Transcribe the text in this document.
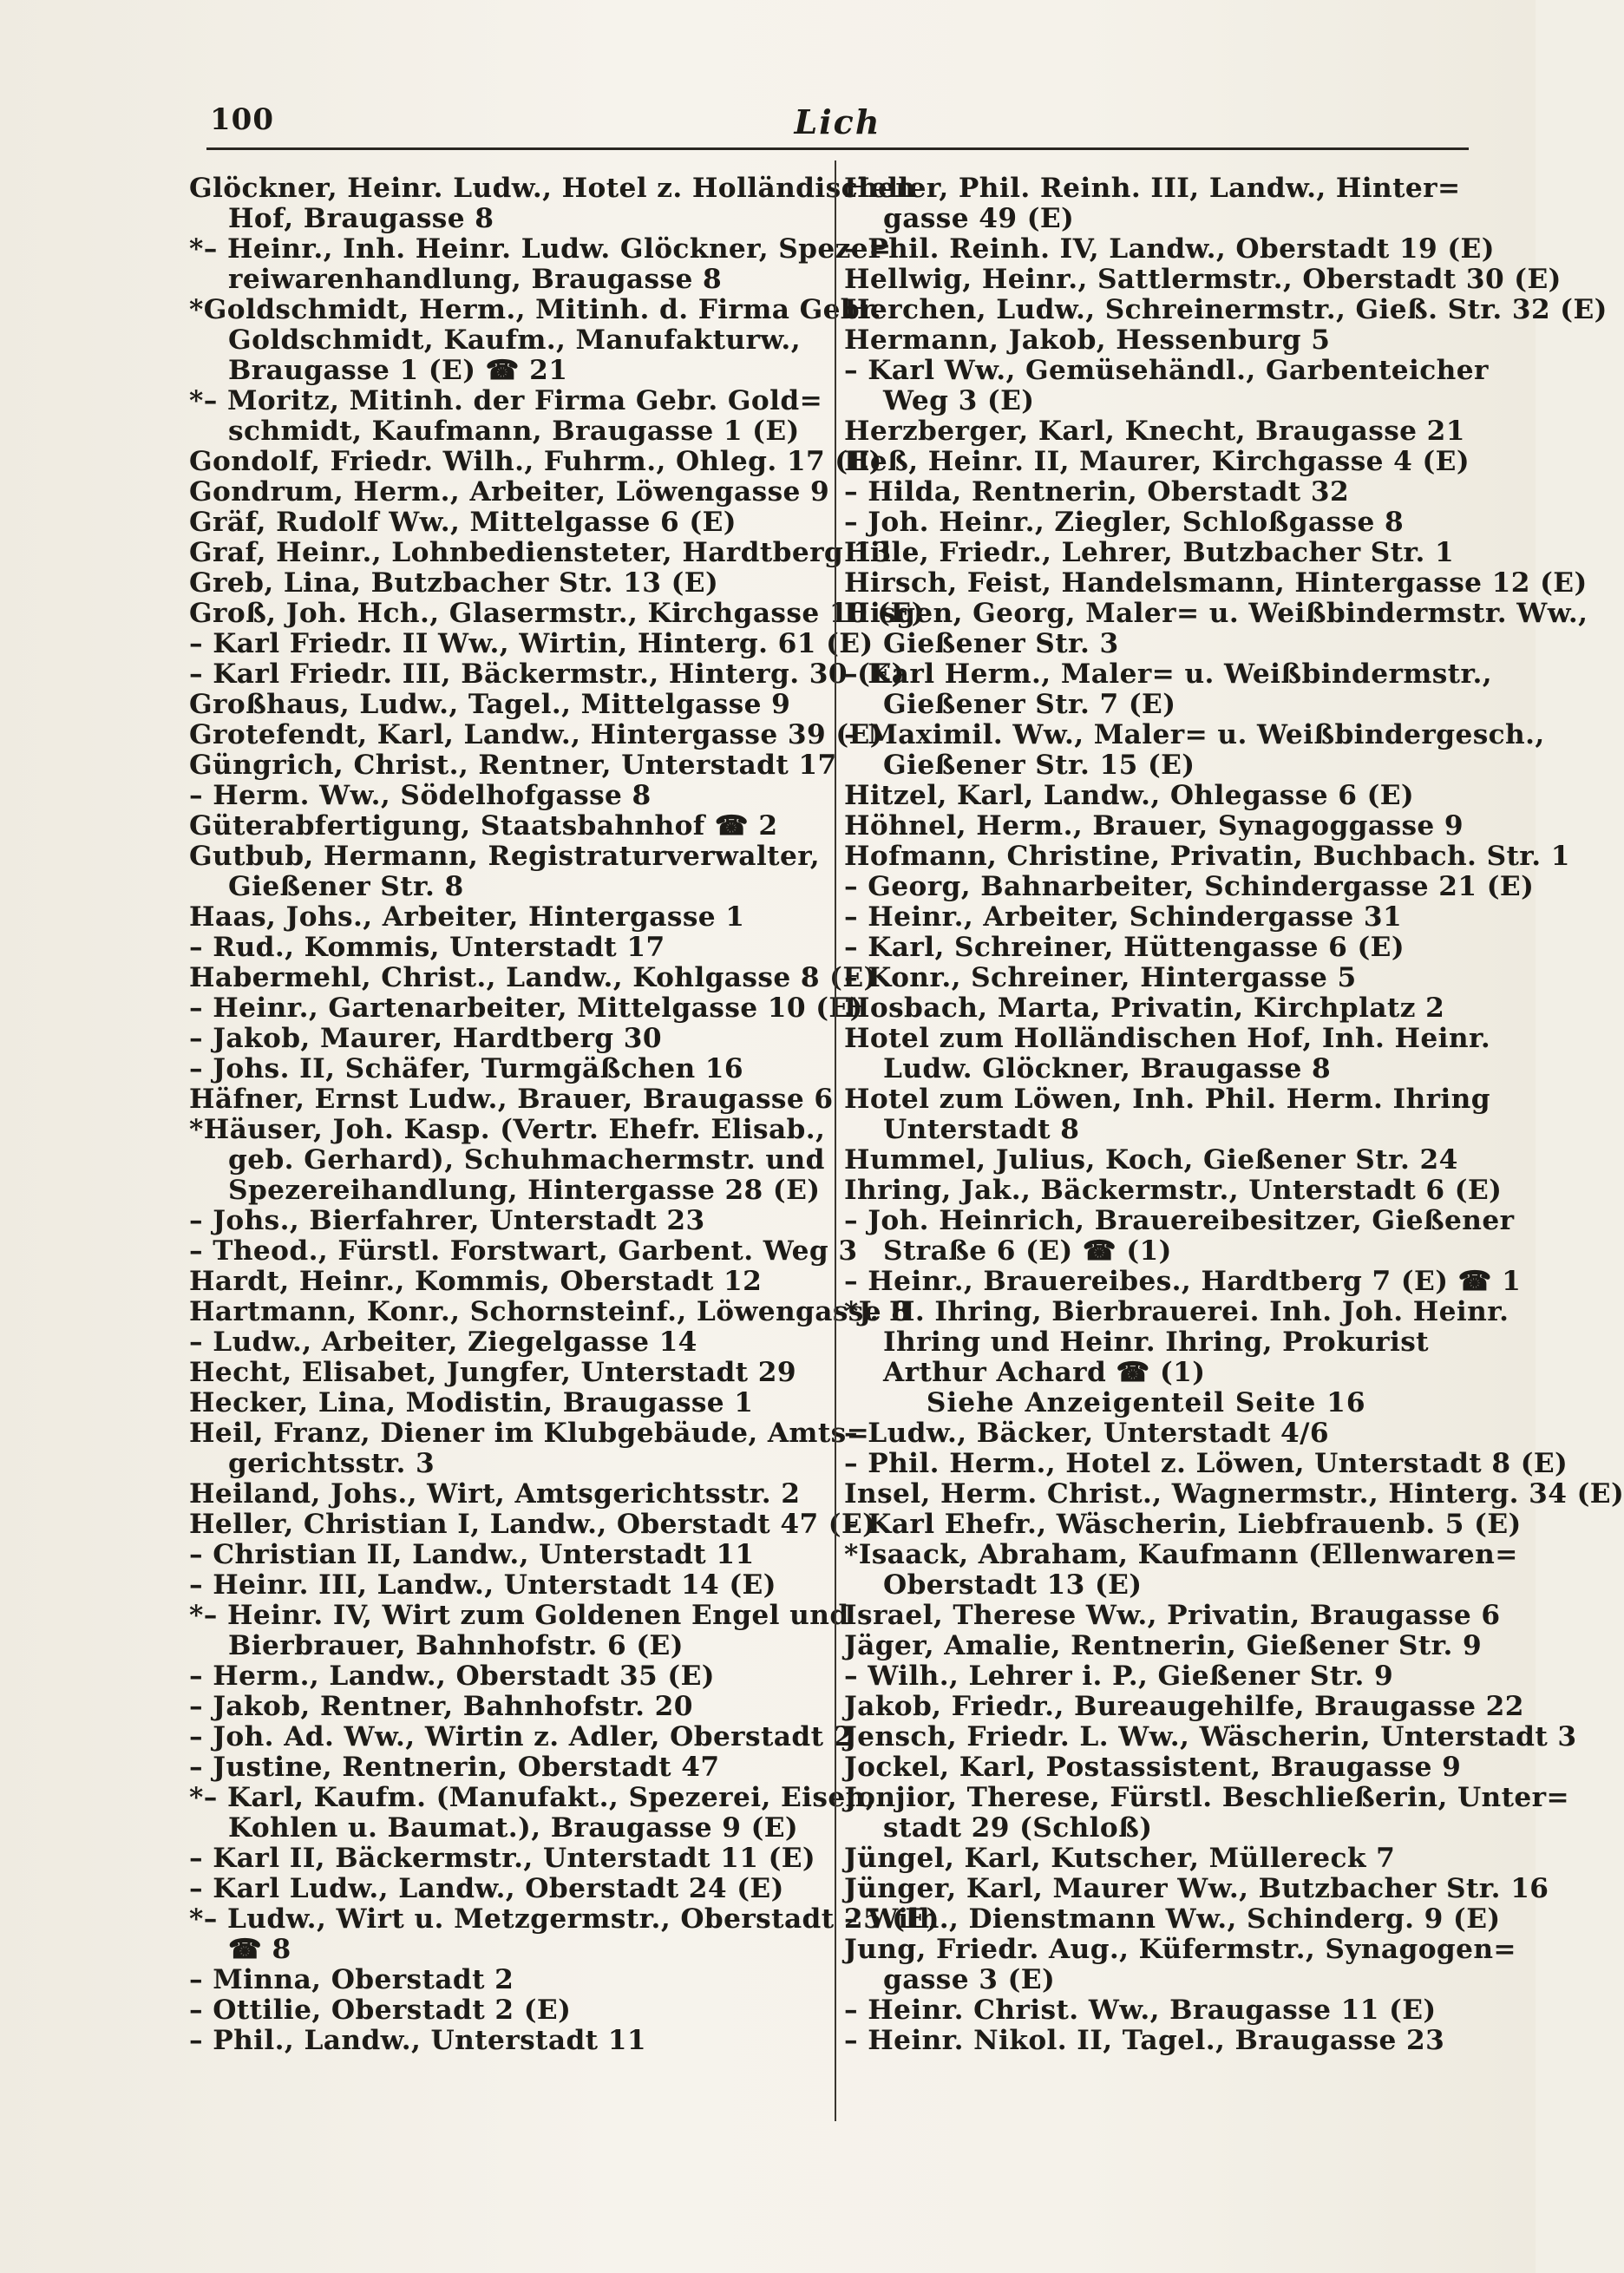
100	Lich
Glöckner, Heinr. Ludw., Hotel z. Holländischen
Hof, Braugasse 8
*– Heinr., Inh. Heinr. Ludw. Glöckner, Speze=
reiwarenhandlung, Braugasse 8
*Goldschmidt, Herm., Mitinh. d. Firma Gebr.
Goldschmidt, Kaufm., Manufakturw.,
Braugasse 1 (E) ☎ 21
*– Moritz, Mitinh. der Firma Gebr. Gold=
schmidt, Kaufmann, Braugasse 1 (E)
Gondolf, Friedr. Wilh., Fuhrm., Ohleg. 17 (E)
Gondrum, Herm., Arbeiter, Löwengasse 9
Gräf, Rudolf Ww., Mittelgasse 6 (E)
Graf, Heinr., Lohnbediensteter, Hardtberg 13
Greb, Lina, Butzbacher Str. 13 (E)
Groß, Joh. Hch., Glasermstr., Kirchgasse 10 (E)
– Karl Friedr. II Ww., Wirtin, Hinterg. 61 (E)
– Karl Friedr. III, Bäckermstr., Hinterg. 30 (E)
Großhaus, Ludw., Tagel., Mittelgasse 9
Grotefendt, Karl, Landw., Hintergasse 39 (E)
Güngrich, Christ., Rentner, Unterstadt 17
– Herm. Ww., Södelhofgasse 8
Güterabfertigung, Staatsbahnhof ☎ 2
Gutbub, Hermann, Registraturverwalter,
Gießener Str. 8
Haas, Johs., Arbeiter, Hintergasse 1
– Rud., Kommis, Unterstadt 17
Habermehl, Christ., Landw., Kohlgasse 8 (E)
– Heinr., Gartenarbeiter, Mittelgasse 10 (E)
– Jakob, Maurer, Hardtberg 30
– Johs. II, Schäfer, Turmgäßchen 16
Häfner, Ernst Ludw., Brauer, Braugasse 6
*Häuser, Joh. Kasp. (Vertr. Ehefr. Elisab.,
geb. Gerhard), Schuhmachermstr. und
Spezereihandlung, Hintergasse 28 (E)
– Johs., Bierfahrer, Unterstadt 23
– Theod., Fürstl. Forstwart, Garbent. Weg 3
Hardt, Heinr., Kommis, Oberstadt 12
Hartmann, Konr., Schornsteinf., Löwengasse 8
– Ludw., Arbeiter, Ziegelgasse 14
Hecht, Elisabet, Jungfer, Unterstadt 29
Hecker, Lina, Modistin, Braugasse 1
Heil, Franz, Diener im Klubgebäude, Amts=
gerichtsstr. 3
Heiland, Johs., Wirt, Amtsgerichtsstr. 2
Heller, Christian I, Landw., Oberstadt 47 (E)
– Christian II, Landw., Unterstadt 11
– Heinr. III, Landw., Unterstadt 14 (E)
*– Heinr. IV, Wirt zum Goldenen Engel und
Bierbrauer, Bahnhofstr. 6 (E)
– Herm., Landw., Oberstadt 35 (E)
– Jakob, Rentner, Bahnhofstr. 20
– Joh. Ad. Ww., Wirtin z. Adler, Oberstadt 2
– Justine, Rentnerin, Oberstadt 47
*– Karl, Kaufm. (Manufakt., Spezerei, Eisen,
Kohlen u. Baumat.), Braugasse 9 (E)
– Karl II, Bäckermstr., Unterstadt 11 (E)
– Karl Ludw., Landw., Oberstadt 24 (E)
*– Ludw., Wirt u. Metzgermstr., Oberstadt 25 (E)
☎ 8
– Minna, Oberstadt 2
– Ottilie, Oberstadt 2 (E)
– Phil., Landw., Unterstadt 11
Heller, Phil. Reinh. III, Landw., Hinter=
gasse 49 (E)
– Phil. Reinh. IV, Landw., Oberstadt 19 (E)
Hellwig, Heinr., Sattlermstr., Oberstadt 30 (E)
Herchen, Ludw., Schreinermstr., Gieß. Str. 32 (E)
Hermann, Jakob, Hessenburg 5
– Karl Ww., Gemüsehändl., Garbenteicher
Weg 3 (E)
Herzberger, Karl, Knecht, Braugasse 21
Heß, Heinr. II, Maurer, Kirchgasse 4 (E)
– Hilda, Rentnerin, Oberstadt 32
– Joh. Heinr., Ziegler, Schloßgasse 8
Hille, Friedr., Lehrer, Butzbacher Str. 1
Hirsch, Feist, Handelsmann, Hintergasse 12 (E)
Hisgen, Georg, Maler= u. Weißbindermstr. Ww.,
Gießener Str. 3
– Karl Herm., Maler= u. Weißbindermstr.,
Gießener Str. 7 (E)
– Maximil. Ww., Maler= u. Weißbindergesch.,
Gießener Str. 15 (E)
Hitzel, Karl, Landw., Ohlegasse 6 (E)
Höhnel, Herm., Brauer, Synagoggasse 9
Hofmann, Christine, Privatin, Buchbach. Str. 1
– Georg, Bahnarbeiter, Schindergasse 21 (E)
– Heinr., Arbeiter, Schindergasse 31
– Karl, Schreiner, Hüttengasse 6 (E)
– Konr., Schreiner, Hintergasse 5
Hosbach, Marta, Privatin, Kirchplatz 2
Hotel zum Holländischen Hof, Inh. Heinr.
Ludw. Glöckner, Braugasse 8
Hotel zum Löwen, Inh. Phil. Herm. Ihring
Unterstadt 8
Hummel, Julius, Koch, Gießener Str. 24
Ihring, Jak., Bäckermstr., Unterstadt 6 (E)
– Joh. Heinrich, Brauereibesitzer, Gießener
Straße 6 (E) ☎ (1)
– Heinr., Brauereibes., Hardtberg 7 (E) ☎ 1
*J. H. Ihring, Bierbrauerei. Inh. Joh. Heinr.
Ihring und Heinr. Ihring, Prokurist
Arthur Achard ☎ (1)
Siehe Anzeigenteil Seite 16
– Ludw., Bäcker, Unterstadt 4/6
– Phil. Herm., Hotel z. Löwen, Unterstadt 8 (E)
Insel, Herm. Christ., Wagnermstr., Hinterg. 34 (E)
– Karl Ehefr., Wäscherin, Liebfrauenb. 5 (E)
*Isaack, Abraham, Kaufmann (Ellenwaren=
Oberstadt 13 (E)
Israel, Therese Ww., Privatin, Braugasse 6
Jäger, Amalie, Rentnerin, Gießener Str. 9
– Wilh., Lehrer i. P., Gießener Str. 9
Jakob, Friedr., Bureaugehilfe, Braugasse 22
Jensch, Friedr. L. Ww., Wäscherin, Unterstadt 3
Jockel, Karl, Postassistent, Braugasse 9
Jonjior, Therese, Fürstl. Beschließerin, Unter=
stadt 29 (Schloß)
Jüngel, Karl, Kutscher, Müllereck 7
Jünger, Karl, Maurer Ww., Butzbacher Str. 16
– Wilh., Dienstmann Ww., Schinderg. 9 (E)
Jung, Friedr. Aug., Küfermstr., Synagogen=
gasse 3 (E)
– Heinr. Christ. Ww., Braugasse 11 (E)
– Heinr. Nikol. II, Tagel., Braugasse 23
